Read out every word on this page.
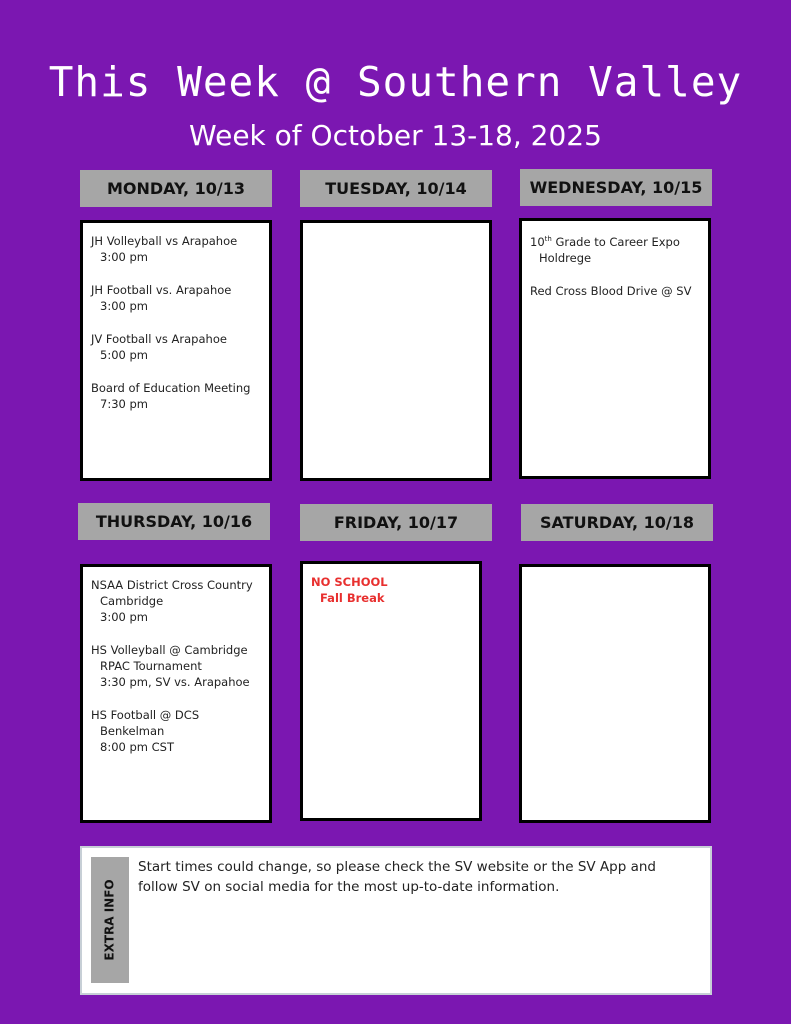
This Week @ Southern Valley
Week of October 13-18, 2025
MONDAY, 10/13	TUESDAY, 10/14	WEDNESDAY, 10/15
JH Volleyball vs Arapahoe
3:00 pm
JH Football vs. Arapahoe
3:00 pm
JV Football vs Arapahoe
5:00 pm
Board of Education Meeting
7:30 pm
10th Grade to Career Expo
Holdrege
Red Cross Blood Drive @ SV
THURSDAY, 10/16	FRIDAY, 10/17	SATURDAY, 10/18
NSAA District Cross Country
Cambridge
3:00 pm
HS Volleyball @ Cambridge
RPAC Tournament
3:30 pm, SV vs. Arapahoe
HS Football @ DCS
Benkelman
8:00 pm CST
NO SCHOOL
Fall Break
EXTRA INFO
Start times could change, so please check the SV website or the SV App and follow SV on social media for the most up-to-date information.
